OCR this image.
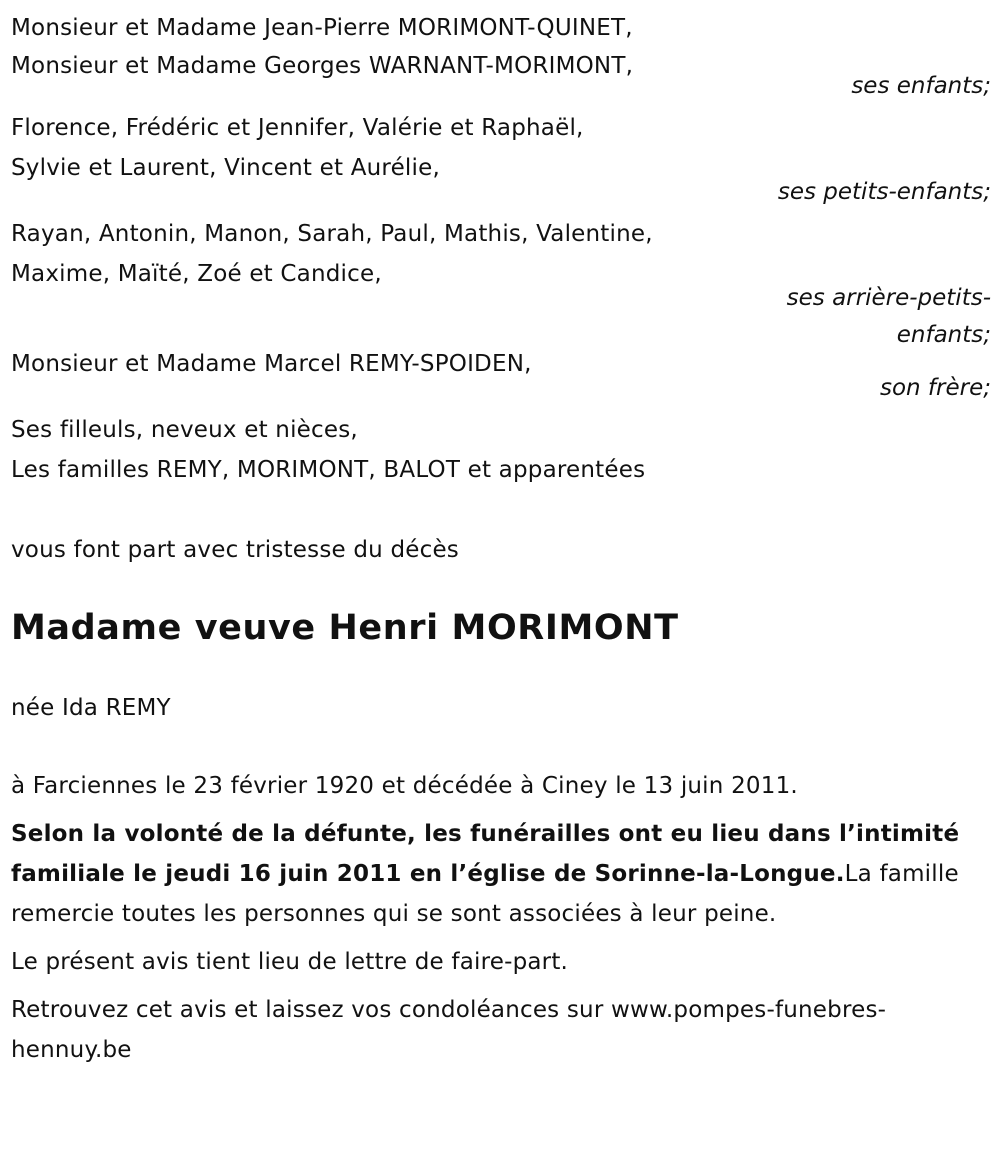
Monsieur et Madame Jean-Pierre MORIMONT-QUINET,
Monsieur et Madame Georges WARNANT-MORIMONT,
ses enfants;
Florence, Frédéric et Jennifer, Valérie et Raphaël,
Sylvie et Laurent, Vincent et Aurélie,
ses petits-enfants;
Rayan, Antonin, Manon, Sarah, Paul, Mathis, Valentine,
Maxime, Maïté, Zoé et Candice,
ses arrière-petits-
enfants;
Monsieur et Madame Marcel REMY-SPOIDEN,
son frère;
Ses filleuls, neveux et nièces,
Les familles REMY, MORIMONT, BALOT et apparentées
vous font part avec tristesse du décès
Madame veuve Henri MORIMONT
née Ida REMY
à Farciennes le 23 février 1920 et décédée à Ciney le 13 juin 2011.
Selon la volonté de la défunte, les funérailles ont eu lieu dans l’intimité familiale le jeudi 16 juin 2011 en l’église de Sorinne-la-Longue.La famille remercie toutes les personnes qui se sont associées à leur peine.
Le présent avis tient lieu de lettre de faire-part.
Retrouvez cet avis et laissez vos condoléances sur www.pompes-funebres-hennuy.be
